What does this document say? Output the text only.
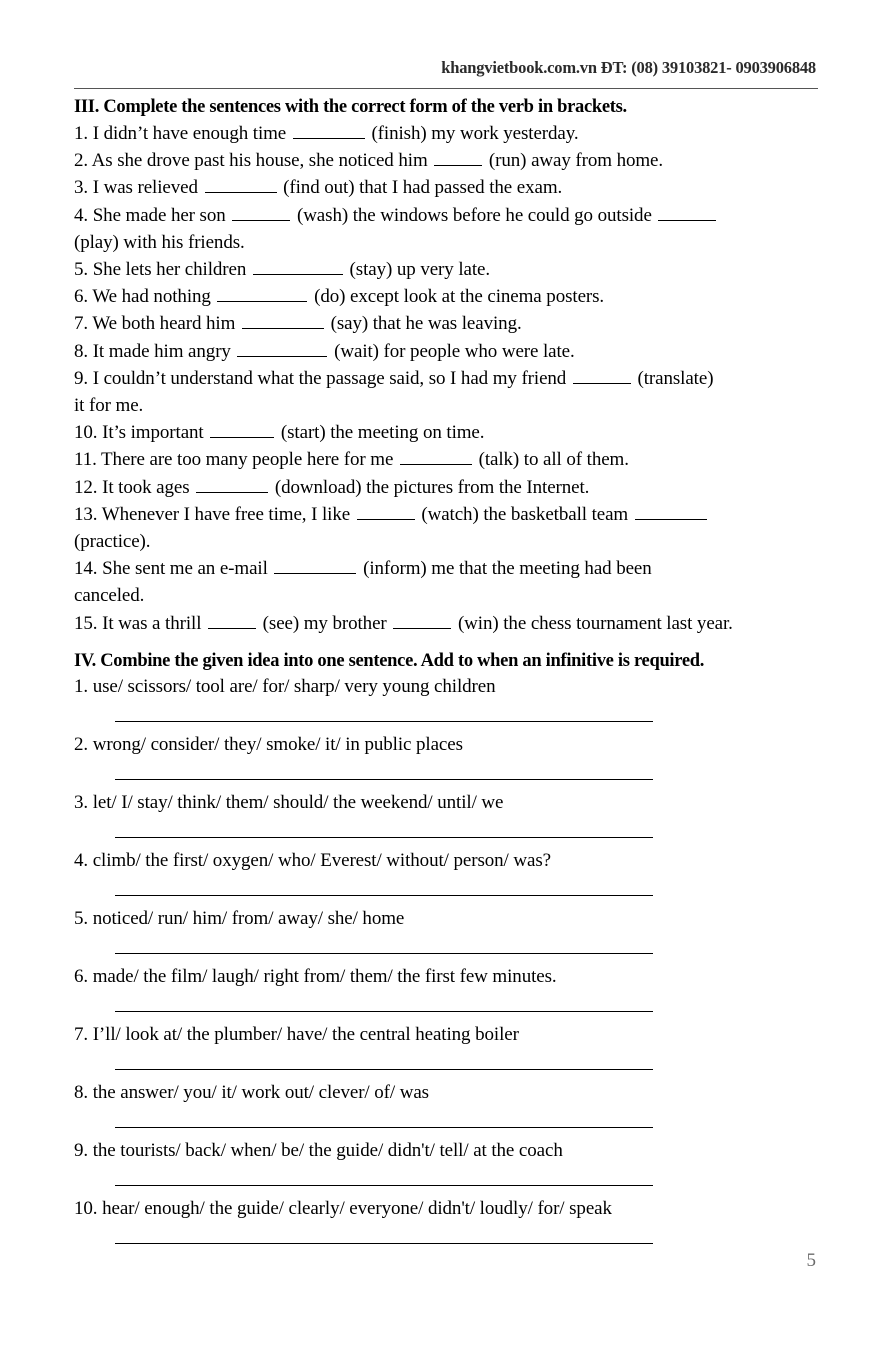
khangvietbook.com.vn ĐT: (08) 39103821- 0903906848
III. Complete the sentences with the correct form of the verb in brackets.

1. I didn’t have enough time	(finish) my work yesterday.

2. As she drove past his house, she noticed him	(run) away from home.

3. I was relieved	(find out) that I had passed the exam.

4. She made her son	(wash) the windows before he could go outside

(play) with his friends.

5. She lets her children	(stay) up very late.

6. We had nothing	(do) except look at the cinema posters.

7. We both heard him	(say) that he was leaving.

8. It made him angry	(wait) for people who were late.

9. I couldn’t understand what the passage said, so I had my friend	(translate)

it for me.

10. It’s important	(start) the meeting on time.

11. There are too many people here for me	(talk) to all of them.

12. It took ages	(download) the pictures from the Internet.

13. Whenever I have free time, I like	(watch) the basketball team

(practice).

14. She sent me an e-mail	(inform) me that the meeting had been

canceled.

15. It was a thrill	(see) my brother	(win) the chess tournament last year.

IV. Combine the given idea into one sentence. Add to when an infinitive is required.

1. use/ scissors/ tool are/ for/ sharp/ very young children

2. wrong/ consider/ they/ smoke/ it/ in public places

3. let/ I/ stay/ think/ them/ should/ the weekend/ until/ we

4. climb/ the first/ oxygen/ who/ Everest/ without/ person/ was?

5. noticed/ run/ him/ from/ away/ she/ home

6. made/ the film/ laugh/ right from/ them/ the first few minutes.

7. I’ll/ look at/ the plumber/ have/ the central heating boiler

8. the answer/ you/ it/ work out/ clever/ of/ was

9. the tourists/ back/ when/ be/ the guide/ didn't/ tell/ at the coach

10. hear/ enough/ the guide/ clearly/ everyone/ didn't/ loudly/ for/ speak

5
